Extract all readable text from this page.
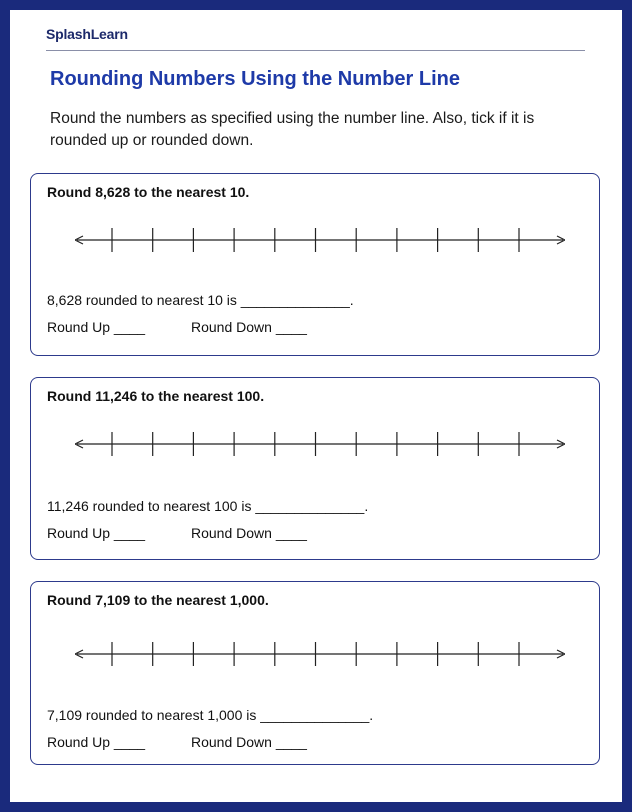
SplashLearn
Rounding Numbers Using the Number Line
Round the numbers as specified using the number line. Also, tick if it is rounded up or rounded down.
Round 8,628 to the nearest 10.
8,628 rounded to nearest 10 is ______________.
Round Up ____	Round Down ____
Round 11,246 to the nearest 100.
11,246 rounded to nearest 100 is ______________.
Round Up ____	Round Down ____
Round 7,109 to the nearest 1,000.
7,109 rounded to nearest 1,000 is ______________.
Round Up ____	Round Down ____
